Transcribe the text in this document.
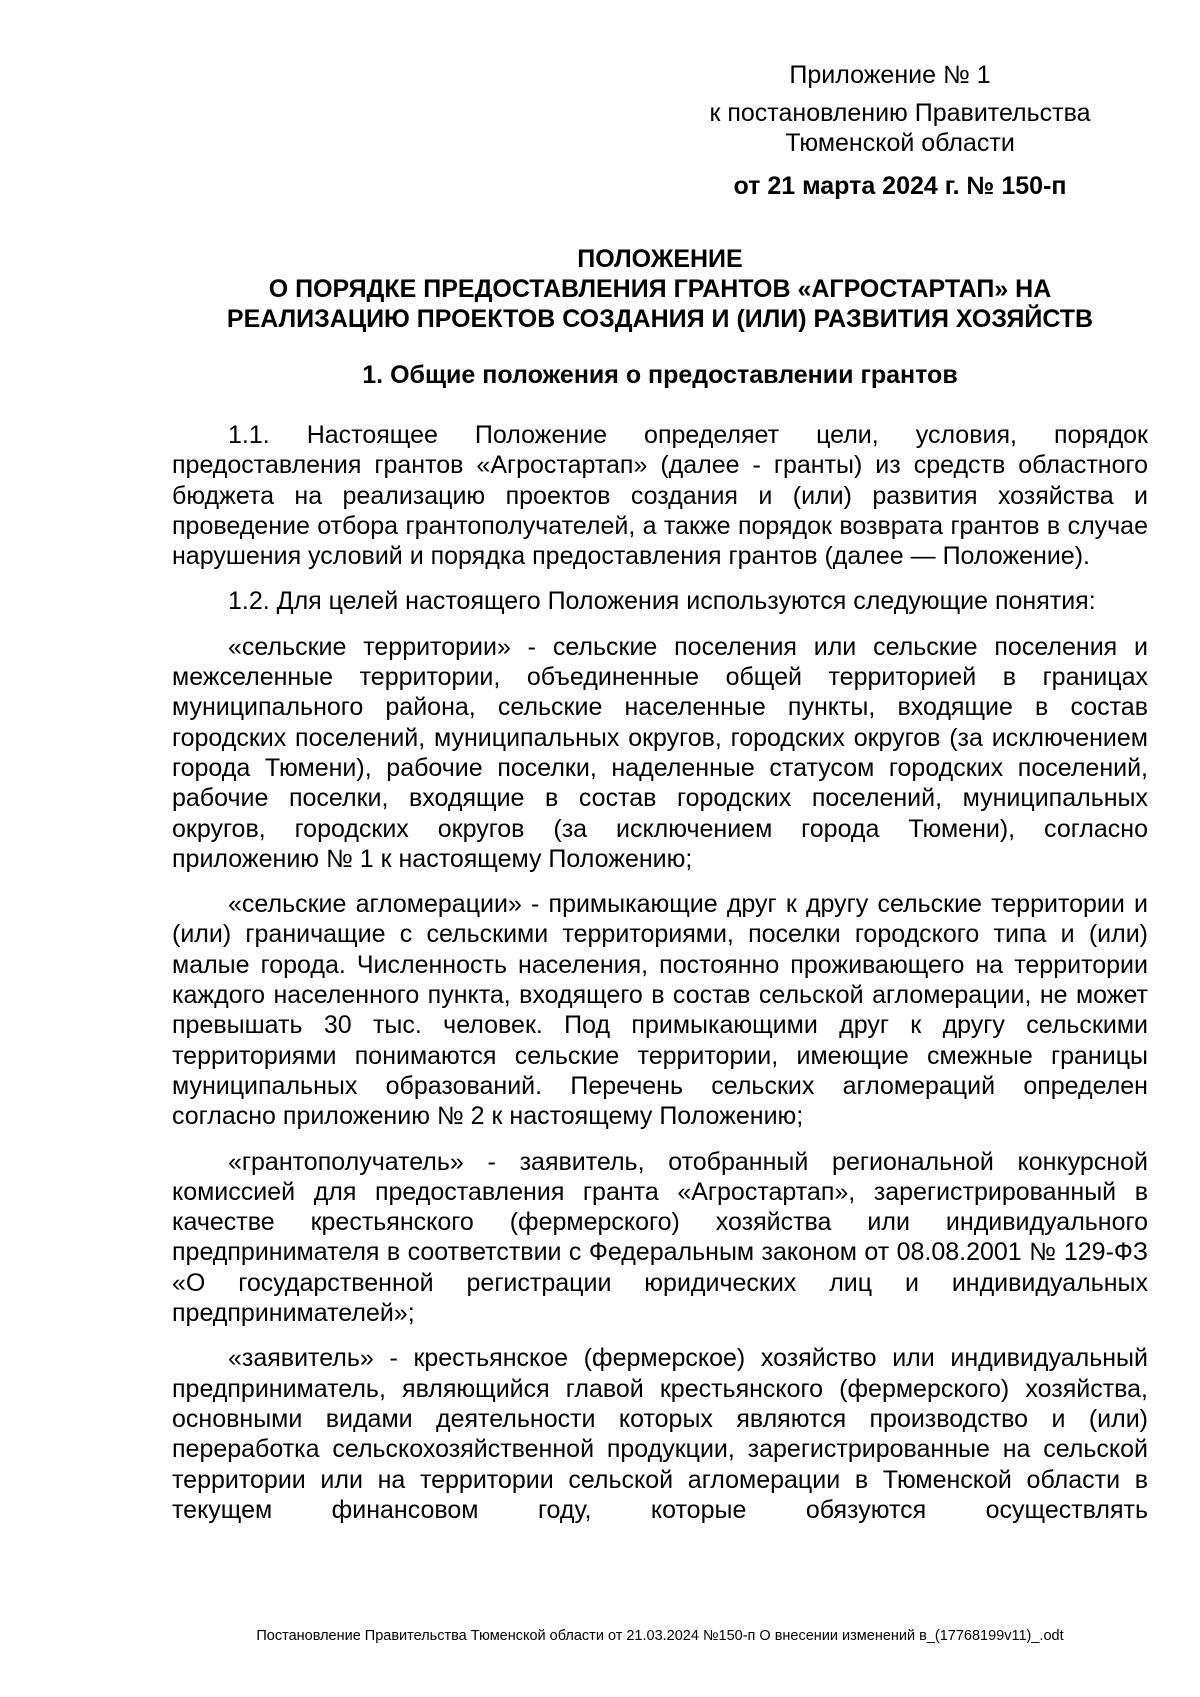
Приложение № 1
к постановлению Правительства Тюменской области
от 21 марта 2024 г. № 150-п
ПОЛОЖЕНИЕ
О ПОРЯДКЕ ПРЕДОСТАВЛЕНИЯ ГРАНТОВ «АГРОСТАРТАП» НА
РЕАЛИЗАЦИЮ ПРОЕКТОВ СОЗДАНИЯ И (ИЛИ) РАЗВИТИЯ ХОЗЯЙСТВ
1. Общие положения о предоставлении грантов

1.1. Настоящее Положение определяет цели, условия, порядок предоставления грантов «Агростартап» (далее - гранты) из средств областного бюджета на реализацию проектов создания и (или) развития хозяйства и проведение отбора грантополучателей, а также порядок возврата грантов в случае нарушения условий и порядка предоставления грантов (далее — Положение).

1.2. Для целей настоящего Положения используются следующие понятия:

«сельские территории» - сельские поселения или сельские поселения и межселенные территории, объединенные общей территорией в границах муниципального района, сельские населенные пункты, входящие в состав городских поселений, муниципальных округов, городских округов (за исключением города Тюмени), рабочие поселки, наделенные статусом городских поселений, рабочие поселки, входящие в состав городских поселений, муниципальных округов, городских округов (за исключением города Тюмени), согласно приложению № 1 к настоящему Положению;

«сельские агломерации» - примыкающие друг к другу сельские территории и (или) граничащие с сельскими территориями, поселки городского типа и (или) малые города. Численность населения, постоянно проживающего на территории каждого населенного пункта, входящего в состав сельской агломерации, не может превышать 30 тыс. человек. Под примыкающими друг к другу сельскими территориями понимаются сельские территории, имеющие смежные границы муниципальных образований. Перечень сельских агломераций определен согласно приложению № 2 к настоящему Положению;

«грантополучатель» - заявитель, отобранный региональной конкурсной комиссией для предоставления гранта «Агростартап», зарегистрированный в качестве крестьянского (фермерского) хозяйства или индивидуального предпринимателя в соответствии с Федеральным законом от 08.08.2001 № 129-ФЗ «О государственной регистрации юридических лиц и индивидуальных предпринимателей»;

«заявитель» - крестьянское (фермерское) хозяйство или индивидуальный предприниматель, являющийся главой крестьянского (фермерского) хозяйства, основными видами деятельности которых являются производство и (или) переработка сельскохозяйственной продукции, зарегистрированные на сельской территории или на территории сельской агломерации в Тюменской области в текущем финансовом году, которые обязуются осуществлять

Постановление Правительства Тюменской области от 21.03.2024 №150-п О внесении изменений в_(17768199v11)_.odt
